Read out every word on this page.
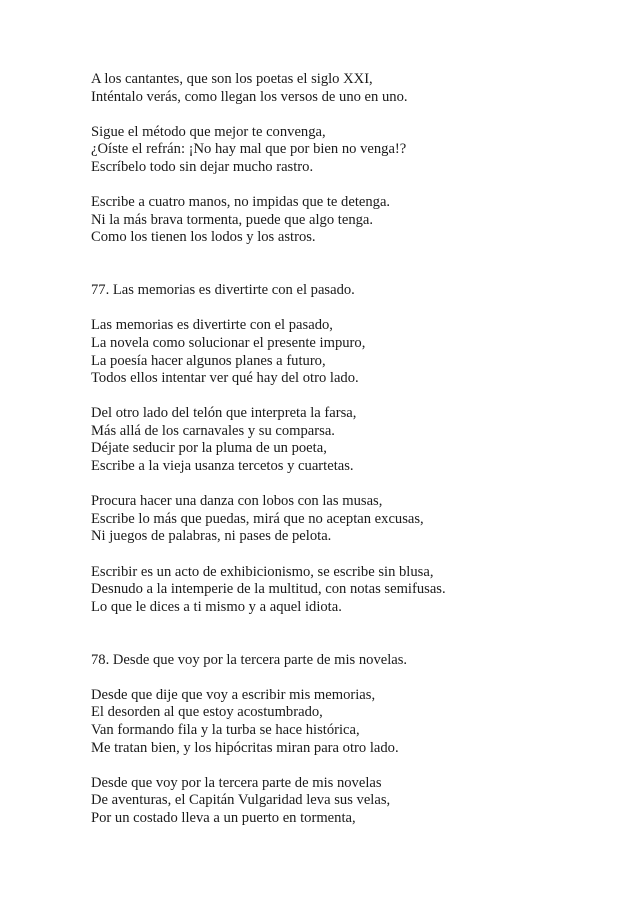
A los cantantes, que son los poetas el siglo XXI,
Inténtalo verás, como llegan los versos de uno en uno.
Sigue el método que mejor te convenga,
¿Oíste el refrán: ¡No hay mal que por bien no venga!?
Escríbelo todo sin dejar mucho rastro.
Escribe a cuatro manos, no impidas que te detenga.
Ni la más brava tormenta, puede que algo tenga.
Como los tienen los lodos y los astros.
77. Las memorias es divertirte con el pasado.
Las memorias es divertirte con el pasado,
La novela como solucionar el presente impuro,
La poesía hacer algunos planes a futuro,
Todos ellos intentar ver qué hay del otro lado.
Del otro lado del telón que interpreta la farsa,
Más allá de los carnavales y su comparsa.
Déjate seducir por la pluma de un poeta,
Escribe a la vieja usanza tercetos y cuartetas.
Procura hacer una danza con lobos con las musas,
Escribe lo más que puedas, mirá que no aceptan excusas,
Ni juegos de palabras, ni pases de pelota.
Escribir es un acto de exhibicionismo, se escribe sin blusa,
Desnudo a la intemperie de la multitud, con notas semifusas.
Lo que le dices a ti mismo y a aquel idiota.
78. Desde que voy por la tercera parte de mis novelas.
Desde que dije que voy a escribir mis memorias,
El desorden al que estoy acostumbrado,
Van formando fila y la turba se hace histórica,
Me tratan bien, y los hipócritas miran para otro lado.
Desde que voy por la tercera parte de mis novelas
De aventuras, el Capitán Vulgaridad leva sus velas,
Por un costado lleva a un puerto en tormenta,
